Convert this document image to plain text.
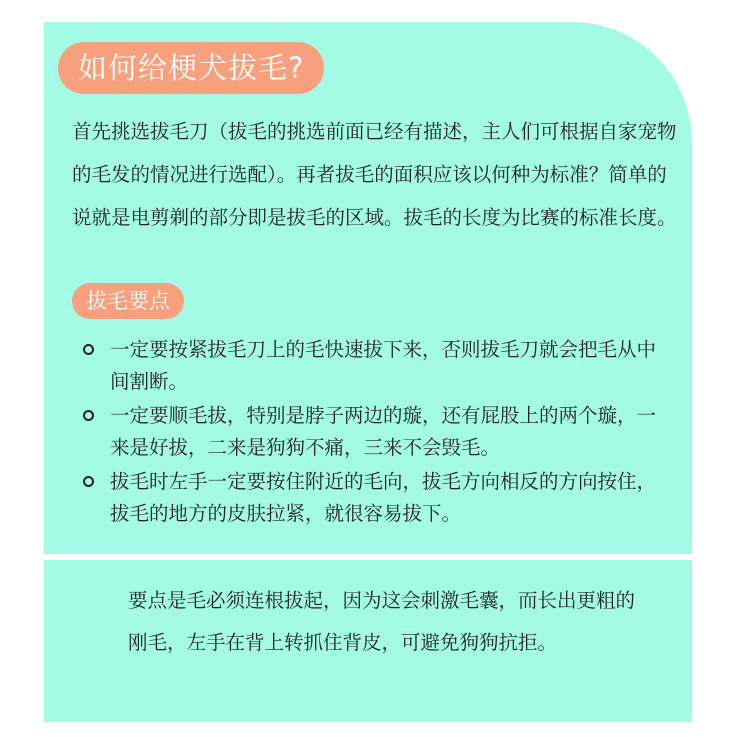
如何给梗犬拔毛?

首先挑选拔毛刀（拔毛的挑选前面已经有描述，主人们可根据自家宠物的毛发的情况进行选配）。再者拔毛的面积应该以何种为标准？简单的说就是电剪剃的部分即是拔毛的区域。拔毛的长度为比赛的标准长度。

拔毛要点
一定要按紧拔毛刀上的毛快速拔下来，否则拔毛刀就会把毛从中间割断。
一定要顺毛拔，特别是脖子两边的璇，还有屁股上的两个璇，一来是好拔，二来是狗狗不痛，三来不会毁毛。
拔毛时左手一定要按住附近的毛向，拔毛方向相反的方向按住，拔毛的地方的皮肤拉紧，就很容易拔下。

要点是毛必须连根拔起，因为这会刺激毛囊，而长出更粗的刚毛，左手在背上转抓住背皮，可避免狗狗抗拒。
